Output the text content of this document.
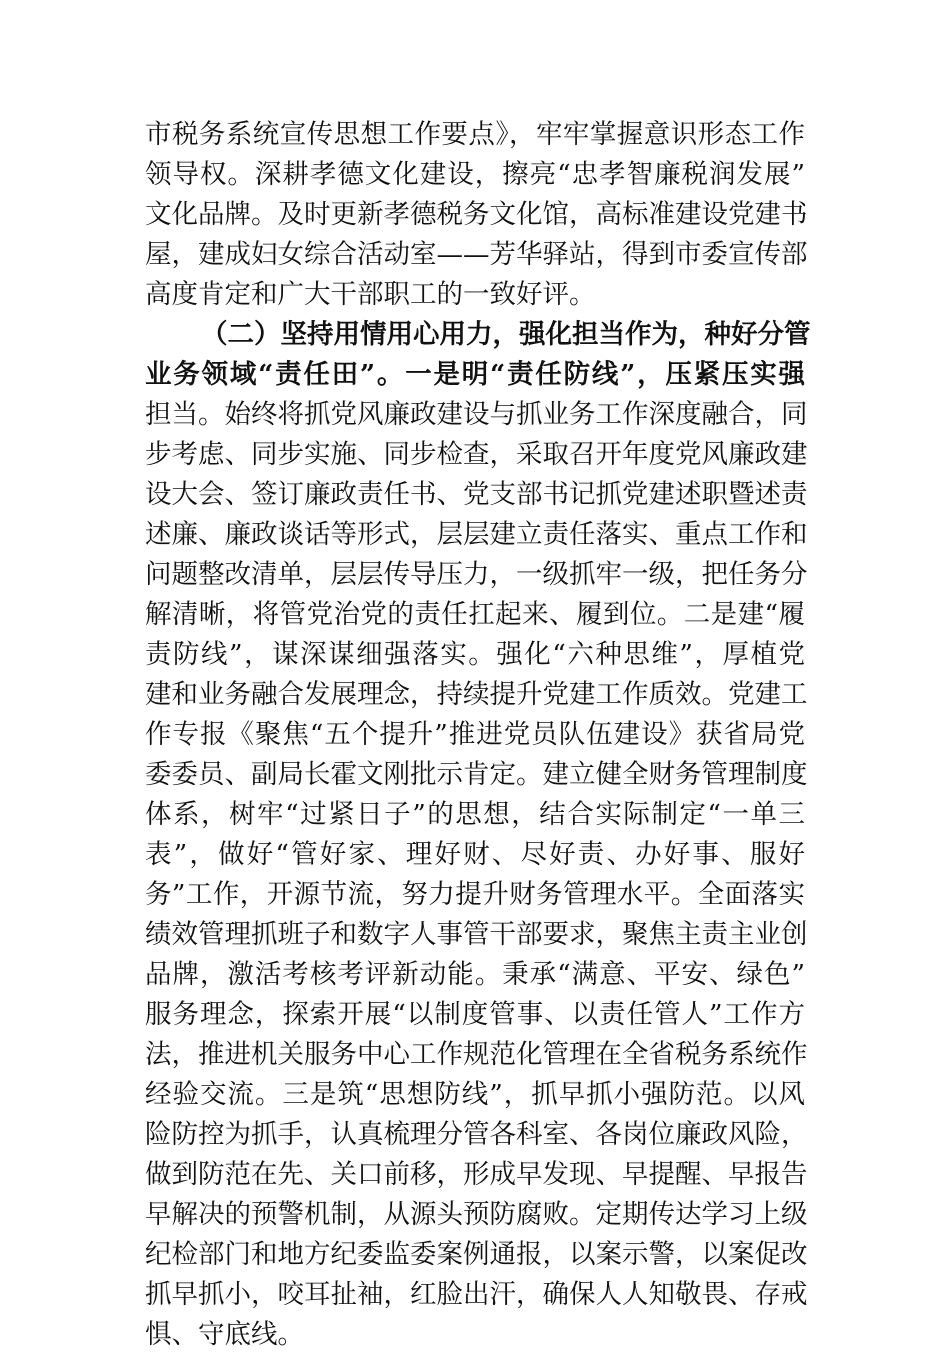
市税务系统宣传思想工作要点》，牢牢掌握意识形态工作
领导权。深耕孝德文化建设，擦亮“忠孝智廉税润发展”
文化品牌。及时更新孝德税务文化馆，高标准建设党建书
屋，建成妇女综合活动室——芳华驿站，得到市委宣传部
高度肯定和广大干部职工的一致好评。
（二）坚持用情用心用力，强化担当作为，种好分管
业务领域“责任田”。一是明“责任防线”，压紧压实强
担当。始终将抓党风廉政建设与抓业务工作深度融合，同
步考虑、同步实施、同步检查，采取召开年度党风廉政建
设大会、签订廉政责任书、党支部书记抓党建述职暨述责
述廉、廉政谈话等形式，层层建立责任落实、重点工作和
问题整改清单，层层传导压力，一级抓牢一级，把任务分
解清晰，将管党治党的责任扛起来、履到位。二是建“履
责防线”，谋深谋细强落实。强化“六种思维”，厚植党
建和业务融合发展理念，持续提升党建工作质效。党建工
作专报《聚焦“五个提升”推进党员队伍建设》获省局党
委委员、副局长霍文刚批示肯定。建立健全财务管理制度
体系，树牢“过紧日子”的思想，结合实际制定“一单三
表”，做好“管好家、理好财、尽好责、办好事、服好
务”工作，开源节流，努力提升财务管理水平。全面落实
绩效管理抓班子和数字人事管干部要求，聚焦主责主业创
品牌，激活考核考评新动能。秉承“满意、平安、绿色”
服务理念，探索开展“以制度管事、以责任管人”工作方
法，推进机关服务中心工作规范化管理在全省税务系统作
经验交流。三是筑“思想防线”，抓早抓小强防范。以风
险防控为抓手，认真梳理分管各科室、各岗位廉政风险，
做到防范在先、关口前移，形成早发现、早提醒、早报告
早解决的预警机制，从源头预防腐败。定期传达学习上级
纪检部门和地方纪委监委案例通报，以案示警，以案促改
抓早抓小，咬耳扯袖，红脸出汗，确保人人知敬畏、存戒
惧、守底线。
